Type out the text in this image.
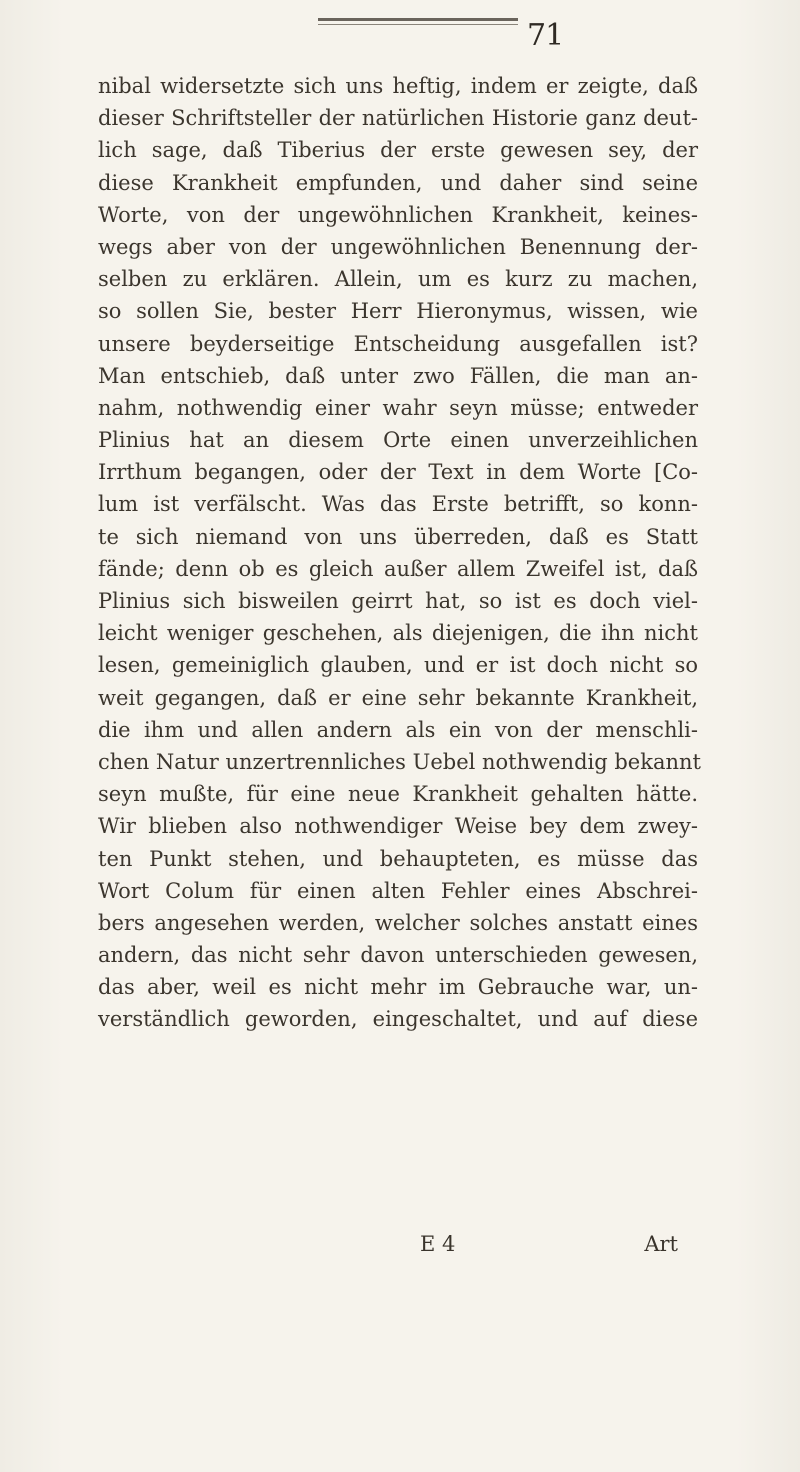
71
nibal widersetzte sich uns heftig, indem er zeigte, daß
dieser Schriftsteller der natürlichen Historie ganz deut-
lich sage, daß Tiberius der erste gewesen sey, der
diese Krankheit empfunden, und daher sind seine
Worte, von der ungewöhnlichen Krankheit, keines-
wegs aber von der ungewöhnlichen Benennung der-
selben zu erklären. Allein, um es kurz zu machen,
so sollen Sie, bester Herr Hieronymus, wissen, wie
unsere beyderseitige Entscheidung ausgefallen ist?
Man entschieb, daß unter zwo Fällen, die man an-
nahm, nothwendig einer wahr seyn müsse; entweder
Plinius hat an diesem Orte einen unverzeihlichen
Irrthum begangen, oder der Text in dem Worte [Co-
lum ist verfälscht. Was das Erste betrifft, so konn-
te sich niemand von uns überreden, daß es Statt
fände; denn ob es gleich außer allem Zweifel ist, daß
Plinius sich bisweilen geirrt hat, so ist es doch viel-
leicht weniger geschehen, als diejenigen, die ihn nicht
lesen, gemeiniglich glauben, und er ist doch nicht so
weit gegangen, daß er eine sehr bekannte Krankheit,
die ihm und allen andern als ein von der menschli-
chen Natur unzertrennliches Uebel nothwendig bekannt
seyn mußte, für eine neue Krankheit gehalten hätte.
Wir blieben also nothwendiger Weise bey dem zwey-
ten Punkt stehen, und behaupteten, es müsse das
Wort Colum für einen alten Fehler eines Abschrei-
bers angesehen werden, welcher solches anstatt eines
andern, das nicht sehr davon unterschieden gewesen,
das aber, weil es nicht mehr im Gebrauche war, un-
verständlich geworden, eingeschaltet, und auf diese
E 4	Art
